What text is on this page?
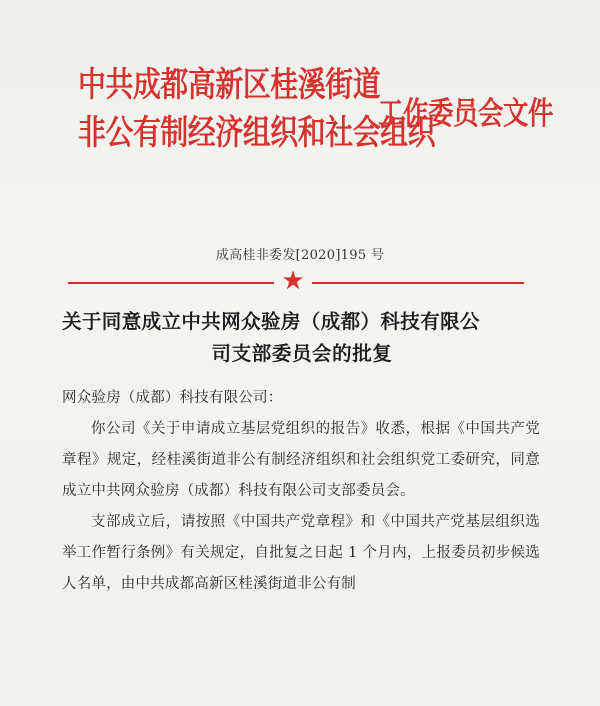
中共成都高新区桂溪街道
非公有制经济组织和社会组织
工作委员会文件
成高桂非委发[2020]195 号
★
关于同意成立中共网众验房（成都）科技有限公
司支部委员会的批复

网众验房（成都）科技有限公司：

你公司《关于申请成立基层党组织的报告》收悉，根据《中国共产党章程》规定，经桂溪街道非公有制经济组织和社会组织党工委研究，同意成立中共网众验房（成都）科技有限公司支部委员会。

支部成立后，请按照《中国共产党章程》和《中国共产党基层组织选举工作暂行条例》有关规定，自批复之日起 1 个月内，上报委员初步候选人名单，由中共成都高新区桂溪街道非公有制
